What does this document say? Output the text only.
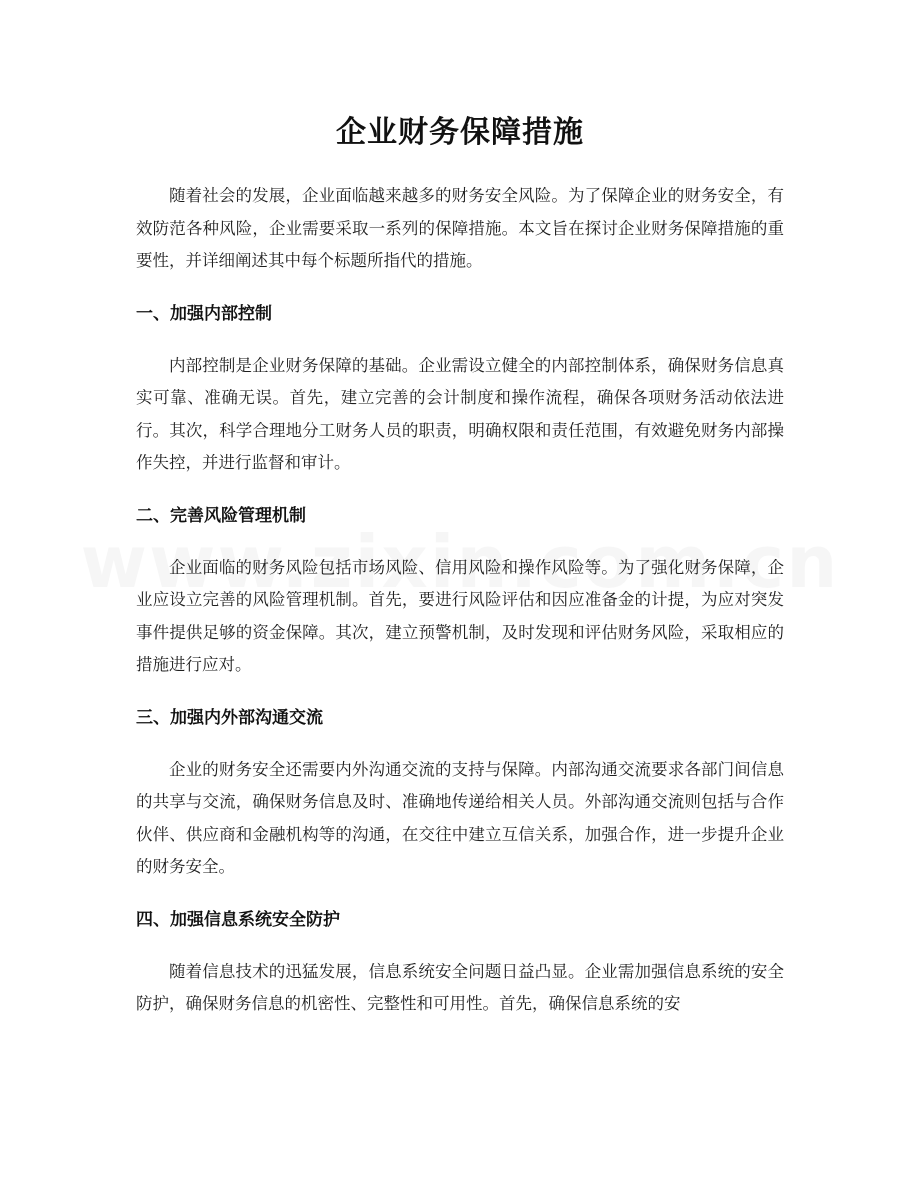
企业财务保障措施

随着社会的发展，企业面临越来越多的财务安全风险。为了保障企业的财务安全，有效防范各种风险，企业需要采取一系列的保障措施。本文旨在探讨企业财务保障措施的重要性，并详细阐述其中每个标题所指代的措施。

一、加强内部控制

内部控制是企业财务保障的基础。企业需设立健全的内部控制体系，确保财务信息真实可靠、准确无误。首先，建立完善的会计制度和操作流程，确保各项财务活动依法进行。其次，科学合理地分工财务人员的职责，明确权限和责任范围，有效避免财务内部操作失控，并进行监督和审计。

二、完善风险管理机制

企业面临的财务风险包括市场风险、信用风险和操作风险等。为了强化财务保障，企业应设立完善的风险管理机制。首先，要进行风险评估和因应准备金的计提，为应对突发事件提供足够的资金保障。其次，建立预警机制，及时发现和评估财务风险，采取相应的措施进行应对。

三、加强内外部沟通交流

企业的财务安全还需要内外沟通交流的支持与保障。内部沟通交流要求各部门间信息的共享与交流，确保财务信息及时、准确地传递给相关人员。外部沟通交流则包括与合作伙伴、供应商和金融机构等的沟通，在交往中建立互信关系，加强合作，进一步提升企业的财务安全。

四、加强信息系统安全防护

随着信息技术的迅猛发展，信息系统安全问题日益凸显。企业需加强信息系统的安全防护，确保财务信息的机密性、完整性和可用性。首先，确保信息系统的安
